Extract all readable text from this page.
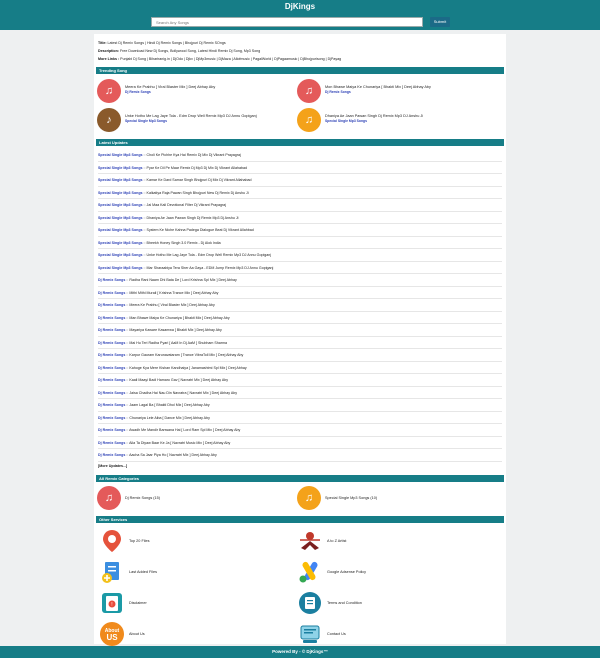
DjKings
Search Any Songs
Submit
Title: Latest Dj Remix Songs | Hindi Dj Remix Songs | Bhojpuri Dj Remix SOngs
Description: Free Download New Dj Songs, Bollywood Song, Latest Hindi Remix Dj Song, Mp3 Song
More Links : Punjabi Dj Song | Bihariranig.in | DjOdo | Djkv | DjMp3music | DjMaza | Allofmusic | PagalWorld | DjPagaamusic | DjBhojpurisong | DjPayag
Trending Song
♫	Meera Ke Prabhu [ Viral Blaster Mix ] Deej Abhay Aby
Dj Remix Songs	♫	Mon Bhawe Maiya Ke Chunariya [ Bhakti Mix ] Deej Abhay Aby
Dj Remix Songs
♪	Unke Hotho Me Lag Jaye Tola - Edm Drop Well Remix Mp3 DJ Annu Gopiganj
Special Single Mp3 Songs	♫	Dhaniya Ae Jaan Pawan Singh Dj Remix Mp3 DJ Anshu Ji
Special Single Mp3 Songs
Latest Updates
Special Single Mp3 Songs :: Choli Ke Pichhe Kya Hai Remix Dj Mix Dj Vikrant Prayagraj
Special Single Mp3 Songs :: Pyar Ke Dil Pe Maar Remix Dj Mp3 Dj Mix Dj Vikrant Allahabad
Special Single Mp3 Songs :: Kamar Ke Dard Samar Singh Bhojpuri Dj Mix Dj Vikrant Allahabad
Special Single Mp3 Songs :: Kalkatiya Raja Pawan Singh Bhojpuri New Dj Remix Dj Anshu Ji
Special Single Mp3 Songs :: Jai Maa Kali Devotional Filter Dj Vikrant Prayagraj
Special Single Mp3 Songs :: Dhaniya Ae Jaan Pawan Singh Dj Remix Mp3 Dj Anshu Ji
Special Single Mp3 Songs :: System Ke Niche Kahna Padega Dialogue Beat Dj Vikrant Allahbad
Special Single Mp3 Songs :: Bheekh Honey Singh 3.0 Remix - Dj Alok India
Special Single Mp3 Songs :: Unke Hotho Me Lag Jaye Tola - Edm Drop Well Remix Mp3 DJ Annu Gopiganj
Special Single Mp3 Songs :: Mar Sharaabiya Tera Sher Aa Gaya - EDM Jump Remix Mp3 DJ Annu Gopiganj
Dj Remix Songs :: Radha Rani Naam Dhi Bata De [ Lord Krishna Spl Mix ] Deej Abhay
Dj Remix Songs :: Mithi Mithi Murali [ Krishna Trance Mix ] Deej Abhay Aby
Dj Remix Songs :: Meera Ke Prabhu [ Viral Blaster Mix ] Deej Abhay Aby
Dj Remix Songs :: Man Bhawe Maiya Ke Chunariya [ Bhakti Mix ] Deej Abhay Aby
Dj Remix Songs :: Mayariya Kaware Kasamwa [ Bhakti Mix ] Deej Abhay Aby
Dj Remix Songs :: Mai Hu Teri Radha Pyari [ AaM In Dj AaM ] Shubham Sharma
Dj Remix Songs :: Karpur Gauram Karunavataram [ Trance VibraToll Mix ] Deej Abhay Aby
Dj Remix Songs :: Kahoge Kya Mere Kishan Kandhaiya [ Janamashtmi Spl Mix ] Deej Abhay
Dj Remix Songs :: Kaali Maayi Badi Hamaro Gav [ Navratri Mix ] Deej Abhay Aby
Dj Remix Songs :: Jaisa Chadha Hai Nau Din Navratra [ Navratri Mix ] Deej Abhay Aby
Dj Remix Songs :: Jaam Lagal Ba [ Bhakti Dhol Mix ] Deej Abhay Aby
Dj Remix Songs :: Chunariya Lele Aiba [ Dance Mix ] Deej Abhay Aby
Dj Remix Songs :: Awadh Me Mandir Banwana Hai [ Lord Ram Spl Mix ] Deej Abhay Aby
Dj Remix Songs :: Aila Ta Diyaw Baar Ke Ja [ Navratri Music Mix ] Deej Abhay Aby
Dj Remix Songs :: Aacha Sa Jaar Piya Ho [ Navratri Mix ] Deej Abhay Aby
[More Updates...]
All Remix Categories
♫	Dj Remix Songs (15)	♫	Special Single Mp3 Songs (10)
Other Services
Top 20 Files	A to Z Artist
Last Added Files	Google Adsense Policy
!	Disclaimer	Terms and Condition
About
US	About Us	Contact Us
Powered By - © DjKings™
